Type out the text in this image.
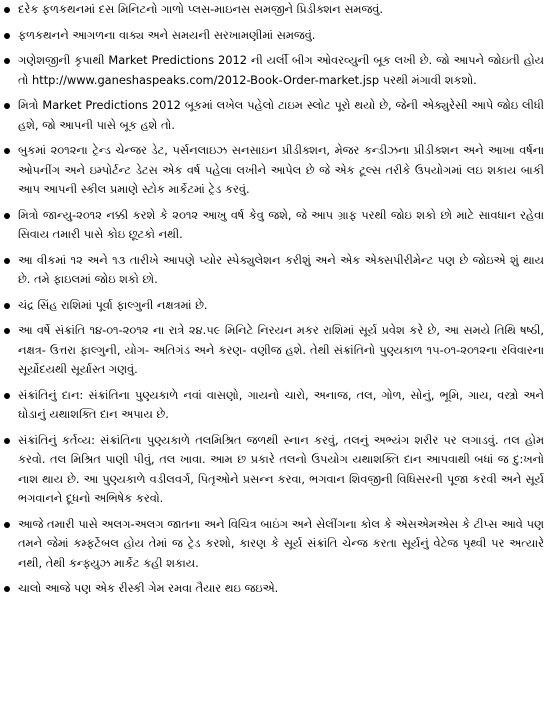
દરેક ફળકથનમાં દસ મિનિટનો ગાળો પ્લસ-માઇનસ સમજીને પ્રિડીક્શન સમજવું.
ફળકથનને આગળના વાક્ય અને સમયની સરખામણીમાં સમજવું.
ગણેશજીની કૃપાથી Market Predictions 2012 ની યર્લી બીગ ઓવરવ્યુની બૂક લખી છે. જો આપને જોઇતી હોય તો http://www.ganeshaspeaks.com/2012-Book-Order-market.jsp પરથી મંગાવી શકશો.
મિત્રો Market Predictions 2012 બૂકમાં લખેલ પહેલો ટાઇમ સ્લોટ પૂરો થયો છે, જેની એક્યુરેસી આપે જોઇ લીધી હશે, જો આપની પાસે બૂક હશે તો.
બુકમાં ૨૦૧૨ના ટ્રેન્ડ ચેન્જર ડેટ, પર્સનલાઇઝ સનસાઇન પ્રીડીક્શન, મેજર કન્ડીઝના પ્રીડીક્શન અને આખા વર્ષના ઓપનીંગ અને ઇમ્પોર્ટન્ટ ડેટસ એક વર્ષ પહેલા લખીને આપેલ છે જે એક ટૂલ્સ તરીકે ઉપયોગમાં લઇ શકાય બાકી આપ આપની સ્કીલ પ્રમાણે સ્ટોક માર્કેટમાં ટ્રેડ કરવું.
મિત્રો જાન્યુ-૨૦૧૨ નક્કી કરશે કે ૨૦૧૨ આખુ વર્ષ કેવુ જશે, જે આપ ગ્રાફ પરથી જોઇ શકો છો માટે સાવધાન રહેવા સિવાય તમારી પાસે કોઇ છૂટકો નથી.
આ વીકમાં ૧૨ અને ૧૩ તારીખે આપણે પ્યોર સ્પેક્યુલેશન કરીશું અને એક એક્સપીરીમેન્ટ પણ છે જોઇએ શું થાય છે. તમે ફાઇલમાં જોઇ શકો છો.
ચંદ્ર સિંહ રાશિમાં પૂર્વા ફાલ્ગુની નક્ષત્રમાં છે.
આ વર્ષે સંક્રાંતિ ૧૪-૦૧-૨૦૧૨ ના રાત્રે ૨૪.૫૯ મિનિટે નિરયન મકર રાશિમાં સૂર્ય પ્રવેશ કરે છે, આ સમયે તિથિ ષષ્ઠી, નક્ષત્ર- ઉત્તરા ફાલ્ગુની, યોગ- અતિગંડ અને કરણ- વણીજ હશે. તેથી સંક્રાંતિનો પુણ્યકાળ ૧૫-૦૧-૨૦૧૨ના રવિવારના સૂર્યોદયથી સૂર્યાસ્ત ગણવું.
સંક્રાંતિનું દાન: સંક્રાંતિના પુણ્યકાળે નવાં વાસણો, ગાયનો ચારો, અનાજ, તલ, ગોળ, સોનું, ભૂમિ, ગાય, વસ્ત્રો અને ઘોડાનું યથાશક્તિ દાન અપાય છે.
સંક્રાંતિનું કર્તવ્ય: સંક્રાંતિના પુણ્યકાળે તલમિશ્રિત જળથી સ્નાન કરવું, તલનું અભ્યંગ શરીર પર લગાડવું. તલ હોમ કરવો. તલ મિશ્રિત પાણી પીવું, તલ ખાવા. આમ છ પ્રકારે તલનો ઉપયોગ યથાશક્તિ દાન આપવાથી બધાં જ દુ:ખનો નાશ થાય છે. આ પુણ્યકાળે વડીલવર્ગ, પિતૃઓને પ્રસન્ન કરવા, ભગવાન શિવજીની વિધિસરની પૂજા કરવી અને સૂર્ય ભગવાનને દૂધનો અભિષેક કરવો.
આજે તમારી પાસે અલગ-અલગ જાતના અને વિચિત્ર બાઇંગ અને સેલીંગના કોલ કે એસએમએસ કે ટીપ્સ આવે પણ તમને જેમાં કમ્ફર્ટેબલ હોય તેમાં જ ટ્રેડ કરશો, કારણ કે સૂર્ય સંક્રાંતિ ચેન્જ કરતા સૂર્યનું વેટેજ પૃથ્વી પર અત્યારે નથી, તેથી કન્ફ્યુઝ માર્કેટ કહી શકાય.
ચાલો આજે પણ એક રીસ્કી ગેમ રમવા તૈયાર થઇ જઇએ.
